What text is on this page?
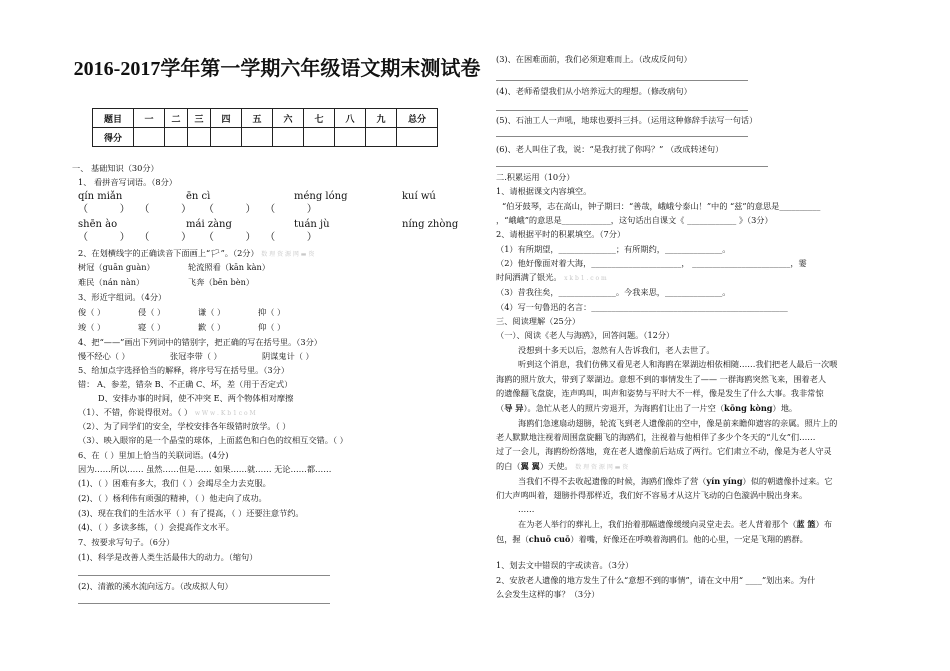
2016-2017学年第一学期六年级语文期末测试卷
题目	一	二	三	四	五	六	七	八	九	总分
得分										
一、 基础知识（30分）
1、 看拼音写词语。（8分）
qín miǎn	ēn cì	méng lóng	kuí wú
（          ）   （          ）    （          ）   （          ）
shēn ào	mái zàng	tuán jù	níng zhòng
（          ）   （          ）    （          ）   （          ）
2、在划横线字的正确读音下面画上“🏳”。（2分） 数 理 资 源 网 ▬ 资
树冠（guān guàn）	轮流照看（kān kàn）
难民（nán nàn）	飞奔（bēn bèn）
3、形近字组词。（4分）
俊（ ）	侵（ ）	谦（ ）	抑（ ）
竣（ ）	寝（ ）	歉（ ）	仰（ ）
4、把“——”画出下列词中的错别字，把正确的写在括号里。（3分）
慢不经心（ ）	张冠李带（ ）	阴谋鬼计（ ）
5、给加点字选择恰当的解释，将序号写在括号里。（3分）
错： A、参差，错杂 B、不正确 C、坏，差（用于否定式）
D、安排办事的时间，使不冲突 E、两个物体相对摩擦
（1）、不错，你说得很对。（ ） w W w . K b 1 c o M
（2）、为了同学们的安全，学校安排各年级错时放学。（ ）
（3）、映入眼帘的是一个晶莹的球体，上面蓝色和白色的纹相互交错。（ ）
6、在（ ）里加上恰当的关联词语。(4分)
因为……所以…… 虽然……但是…… 如果……就…… 无论……都……
(1)、（ ）困难有多大，我们（ ）会竭尽全力去克服。
(2)、（ ）杨利伟有顽强的精神，（ ）他走向了成功。
(3)、现在我们的生活水平（ ）有了提高，（ ）还要注意节约。
(4)、（ ）多读多练，（ ）会提高作文水平。
7、按要求写句子。（6分）
(1)、科学是改善人类生活最伟大的动力。（缩句）
(2)、清澈的溪水流向远方。（改成拟人句）
(3)、在困难面前，我们必须迎难而上。（改成反问句）
(4)、老师希望我们从小培养远大的理想。（修改病句）
(5)、石油工人一声吼，地球也要抖三抖。（运用这种修辞手法写一句话）
(6)、老人叫住了我，说：“是我打扰了你吗？” （改成转述句）
二.积累运用（10分）
1、请根据课文内容填空。
“伯牙鼓琴，志在高山，钟子期曰：“善哉，峨峨兮泰山！”中的 “兹”的意思是__________
，“峨峨”的意思是____________，这句话出自课文《 ____________ 》（3分）
2、请根据平时的积累填空。（7分）
（1）有所期望，______________；有所期约，______________。
（2）他好像面对着大海，______________________， ________________________，霎
时间洒满了银光。 x k b 1 . c o m
（3）昔我往矣，______________。今我来思，______________。
（4）写一句鲁迅的名言：________________________________________________
三、阅读理解（25分）
（一）、阅读《老人与海鸥》，回答问题。（12分）
没想到十多天以后，忽然有人告诉我们，老人去世了。
听到这个消息，我们仿佛又看见老人和海鸥在翠湖边相依相随……我们把老人最后一次喂
海鸥的照片放大，带到了翠湖边。意想不到的事情发生了—— 一群海鸥突然飞来，围着老人
的遗像翻飞盘旋，连声鸣叫，叫声和姿势与平时大不一样，像是发生了什么大事。我非常惊
（导 异）。急忙从老人的照片旁退开，为海鸥们让出了一片空（kōng kòng）地。
海鸥们急速扇动翅膀，轮流飞到老人遗像前的空中，像是前来瞻仰遗容的亲属。照片上的
老人默默地注视着周围盘旋翻飞的海鸥们，注视着与他相伴了多少个冬天的“儿女”们……
过了一会儿，海鸥纷纷落地，竟在老人遗像前后站成了两行。它们肃立不动，像是为老人守灵
的白（翼 翼）天使。 数 理 资 源 网 ▬ 资
当我们不得不去收起遗像的时候，海鸥们像炸了营（yín yíng）似的朝遗像扑过来。它
们大声鸣叫着，翅膀扑得那样近，我们好不容易才从这片飞动的白色漩涡中脱出身来。
……
在为老人举行的葬礼上，我们抬着那幅遗像缓缓向灵堂走去。老人背着那个（蓝 篮）布
包，握（chuō cuō）着嘴，好像还在呼唤着海鸥们。他的心里，一定是飞翔的鸥群。
1、划去文中错误的字或读音。（3分）
2、安放老人遗像的地方发生了什么“意想不到的事情”，请在文中用“ ____”划出来。为什
么会发生这样的事？（3分）
